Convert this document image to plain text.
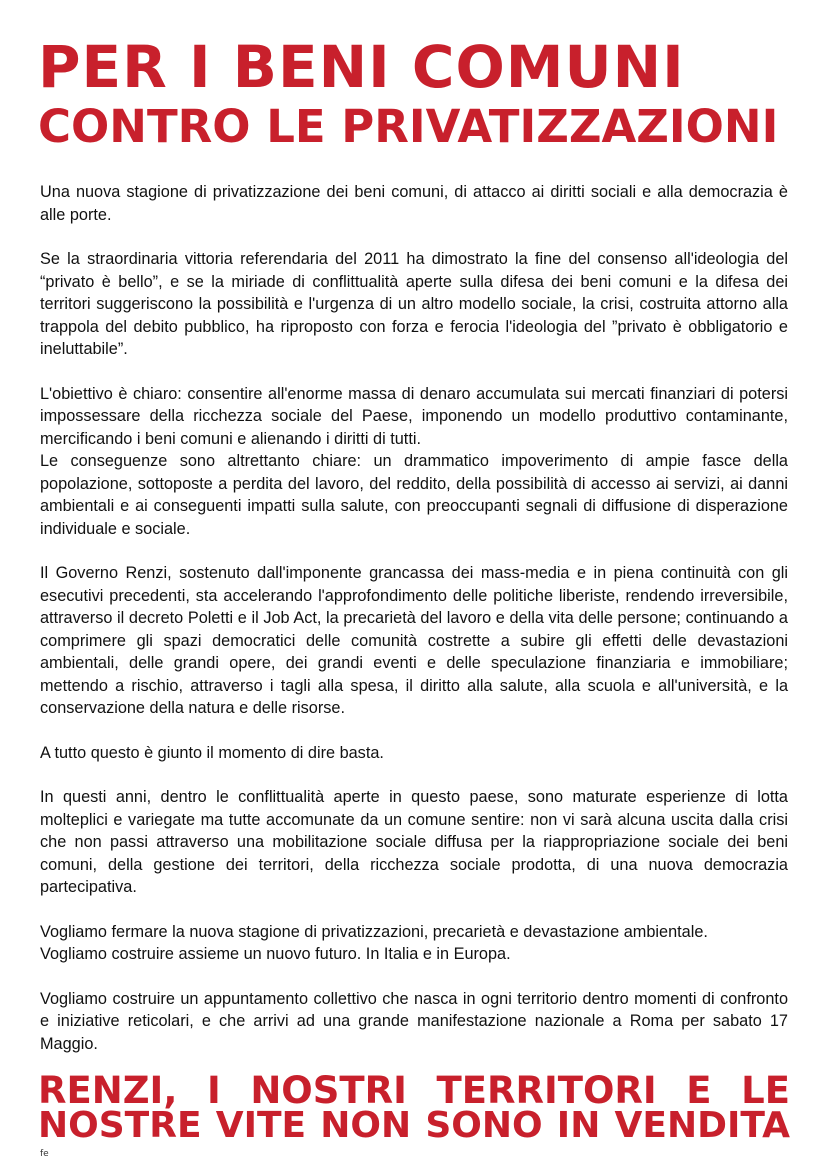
PER I BENI COMUNI
CONTRO LE PRIVATIZZAZIONI

Una nuova stagione di privatizzazione dei beni comuni, di attacco ai diritti sociali e alla democrazia è alle porte.

Se la straordinaria vittoria referendaria del 2011 ha dimostrato la fine del consenso all'ideologia del “privato è bello”, e se la miriade di conflittualità aperte sulla difesa dei beni comuni e la difesa dei territori suggeriscono la possibilità e l'urgenza di un altro modello sociale, la crisi, costruita attorno alla trappola del debito pubblico, ha riproposto con forza e ferocia l'ideologia del ”privato è obbligatorio e ineluttabile”.

L'obiettivo è chiaro: consentire all'enorme massa di denaro accumulata sui mercati finanziari di potersi impossessare della ricchezza sociale del Paese, imponendo un modello produttivo contaminante, mercificando i beni comuni e alienando i diritti di tutti.

Le conseguenze sono altrettanto chiare: un drammatico impoverimento di ampie fasce della popolazione, sottoposte a perdita del lavoro, del reddito, della possibilità di accesso ai servizi, ai danni ambientali e ai conseguenti impatti sulla salute, con preoccupanti segnali di diffusione di disperazione individuale e sociale.

Il Governo Renzi, sostenuto dall'imponente grancassa dei mass-media e in piena continuità con gli esecutivi precedenti, sta accelerando l'approfondimento delle politiche liberiste, rendendo irreversibile, attraverso il decreto Poletti e il Job Act, la precarietà del lavoro e della vita delle persone; continuando a comprimere gli spazi democratici delle comunità costrette a subire gli effetti delle devastazioni ambientali, delle grandi opere, dei grandi eventi e delle speculazione finanziaria e immobiliare; mettendo a rischio, attraverso i tagli alla spesa, il diritto alla salute, alla scuola e all'università, e la conservazione della natura e delle risorse.

A tutto questo è giunto il momento di dire basta.

In questi anni, dentro le conflittualità aperte in questo paese, sono maturate esperienze di lotta molteplici e variegate ma tutte accomunate da un comune sentire: non vi sarà alcuna uscita dalla crisi che non passi attraverso una mobilitazione sociale diffusa per la riappropriazione sociale dei beni comuni, della gestione dei territori, della ricchezza sociale prodotta, di una nuova democrazia partecipativa.

Vogliamo fermare la nuova stagione di privatizzazioni, precarietà e devastazione ambientale.

Vogliamo costruire assieme un nuovo futuro. In Italia e in Europa.

Vogliamo costruire un appuntamento collettivo che nasca in ogni territorio dentro momenti di confronto e iniziative reticolari, e che arrivi ad una grande manifestazione nazionale a Roma per sabato 17 Maggio.

RENZI, I NOSTRI TERRITORI E LE
NOSTRE VITE NON SONO IN VENDITA
fe
